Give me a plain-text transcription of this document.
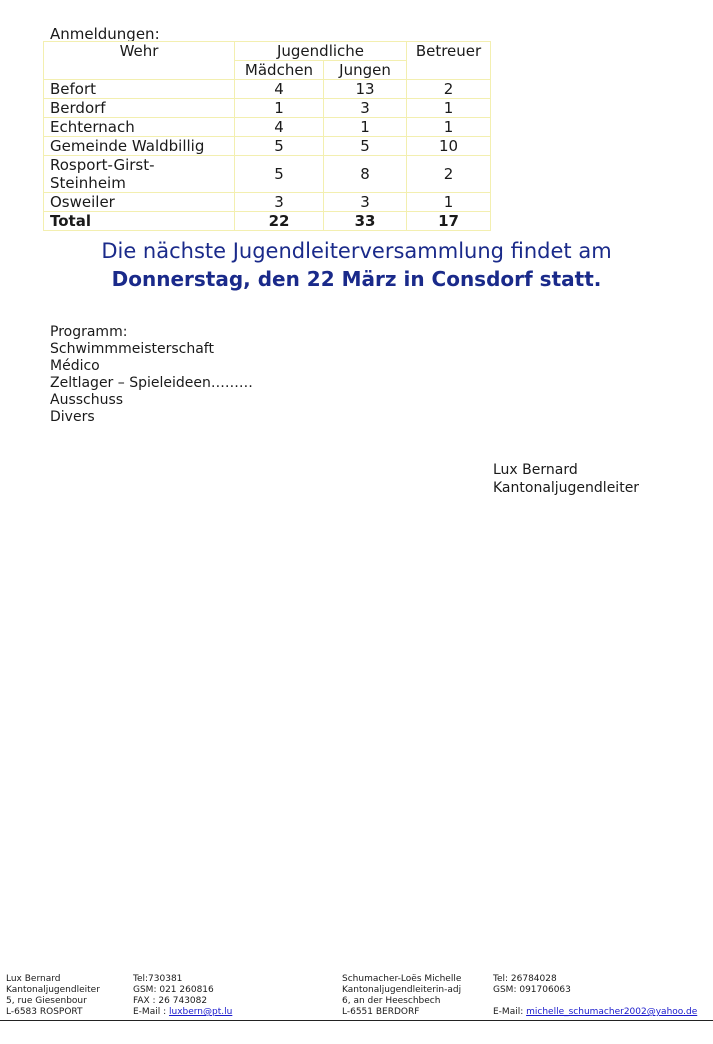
Anmeldungen:
Wehr	Jugendliche		Betreuer
	Mädchen	Jungen	
Befort	4	13	2
Berdorf	1	3	1
Echternach	4	1	1
Gemeinde Waldbillig	5	5	10
Rosport-Girst-Steinheim	5	8	2
Osweiler	3	3	1
Total	22	33	17
Die nächste Jugendleiterversammlung findet am
Donnerstag, den 22 März in Consdorf statt.
Programm:
Schwimmmeisterschaft
Médico
Zeltlager – Spieleideen………
Ausschuss
Divers
Lux Bernard
Kantonaljugendleiter
Lux Bernard
Kantonaljugendleiter
5, rue Giesenbour
L-6583 ROSPORT
Tel:730381
GSM: 021 260816
FAX : 26 743082
E-Mail : luxbern@pt.lu
Schumacher-Loës Michelle
Kantonaljugendleiterin-adj
6, an der Heeschbech
L-6551 BERDORF
Tel: 26784028
GSM: 091706063

E-Mail: michelle_schumacher2002@yahoo.de
